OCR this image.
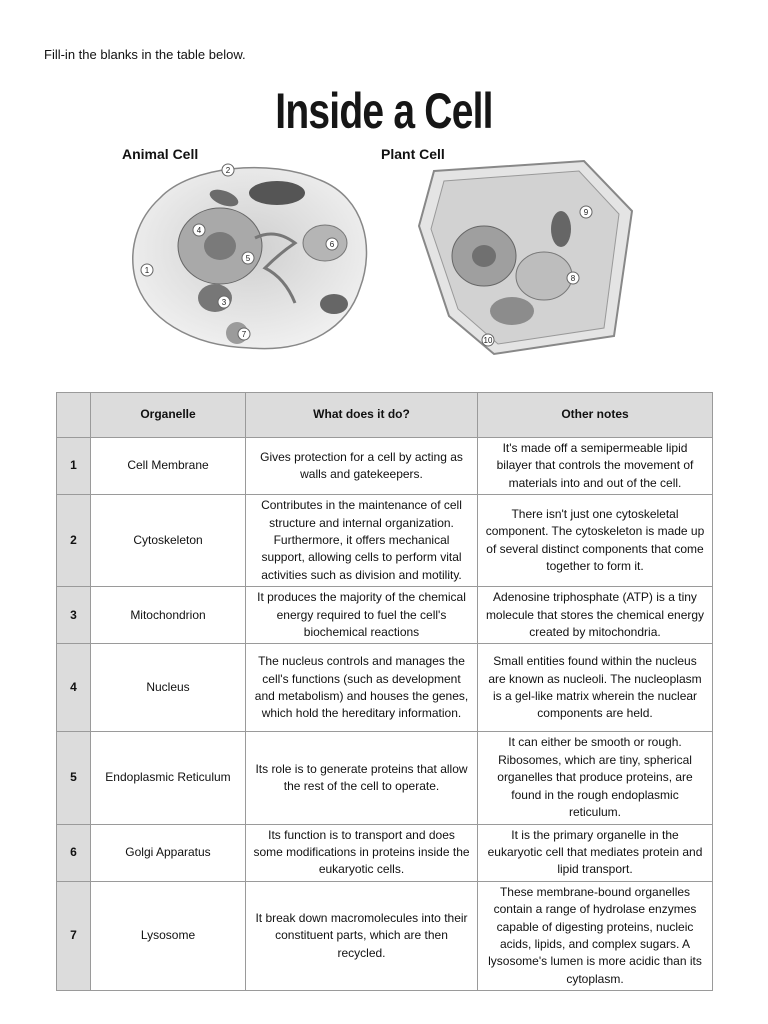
Fill-in the blanks in the table below.
Inside a Cell
Animal Cell	Plant Cell
1
2
3
4
5
6
7
8
9
10
	Organelle	What does it do?	Other notes
1	Cell Membrane	Gives protection for a cell by acting as walls and gatekeepers.	It's made off a semipermeable lipid bilayer that controls the movement of materials into and out of the cell.
2	Cytoskeleton	Contributes in the maintenance of cell structure and internal organization. Furthermore, it offers mechanical support, allowing cells to perform vital activities such as division and motility.	There isn't just one cytoskeletal component. The cytoskeleton is made up of several distinct components that come together to form it.
3	Mitochondrion	It produces the majority of the chemical energy required to fuel the cell's biochemical reactions	Adenosine triphosphate (ATP) is a tiny molecule that stores the chemical energy created by mitochondria.
4	Nucleus	The nucleus controls and manages the cell's functions (such as development and metabolism) and houses the genes, which hold the hereditary information.	Small entities found within the nucleus are known as nucleoli. The nucleoplasm is a gel-like matrix wherein the nuclear components are held.
5	Endoplasmic Reticulum	Its role is to generate proteins that allow the rest of the cell to operate.	It can either be smooth or rough. Ribosomes, which are tiny, spherical organelles that produce proteins, are found in the rough endoplasmic reticulum.
6	Golgi Apparatus	Its function is to transport and does some modifications in proteins inside the eukaryotic cells.	It is the primary organelle in the eukaryotic cell that mediates protein and lipid transport.
7	Lysosome	It break down macromolecules into their constituent parts, which are then recycled.	These membrane-bound organelles contain a range of hydrolase enzymes capable of digesting proteins, nucleic acids, lipids, and complex sugars. A lysosome's lumen is more acidic than its cytoplasm.
